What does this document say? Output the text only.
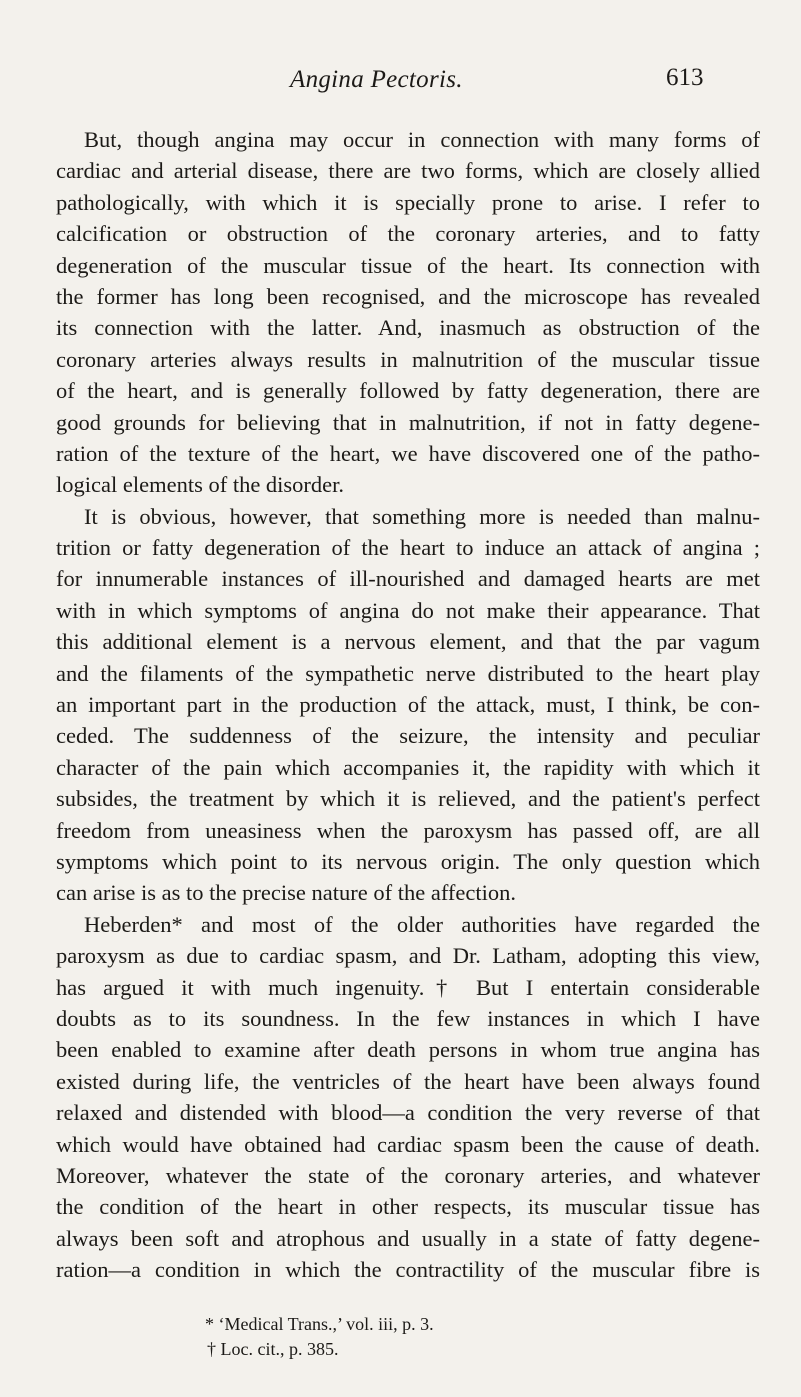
Angina Pectoris.	613
But, though angina may occur in connection with many forms of
cardiac and arterial disease, there are two forms, which are closely allied
pathologically, with which it is specially prone to arise. I refer to
calcification or obstruction of the coronary arteries, and to fatty
degeneration of the muscular tissue of the heart. Its connection with
the former has long been recognised, and the microscope has revealed
its connection with the latter. And, inasmuch as obstruction of the
coronary arteries always results in malnutrition of the muscular tissue
of the heart, and is generally followed by fatty degeneration, there are
good grounds for believing that in malnutrition, if not in fatty degene-
ration of the texture of the heart, we have discovered one of the patho-
logical elements of the disorder.
It is obvious, however, that something more is needed than malnu-
trition or fatty degeneration of the heart to induce an attack of angina ;
for innumerable instances of ill-nourished and damaged hearts are met
with in which symptoms of angina do not make their appearance. That
this additional element is a nervous element, and that the par vagum
and the filaments of the sympathetic nerve distributed to the heart play
an important part in the production of the attack, must, I think, be con-
ceded. The suddenness of the seizure, the intensity and peculiar
character of the pain which accompanies it, the rapidity with which it
subsides, the treatment by which it is relieved, and the patient's perfect
freedom from uneasiness when the paroxysm has passed off, are all
symptoms which point to its nervous origin. The only question which
can arise is as to the precise nature of the affection.
Heberden* and most of the older authorities have regarded the
paroxysm as due to cardiac spasm, and Dr. Latham, adopting this view,
has argued it with much ingenuity.† But I entertain considerable
doubts as to its soundness. In the few instances in which I have
been enabled to examine after death persons in whom true angina has
existed during life, the ventricles of the heart have been always found
relaxed and distended with blood—a condition the very reverse of that
which would have obtained had cardiac spasm been the cause of death.
Moreover, whatever the state of the coronary arteries, and whatever
the condition of the heart in other respects, its muscular tissue has
always been soft and atrophous and usually in a state of fatty degene-
ration—a condition in which the contractility of the muscular fibre is
* ‘Medical Trans.,’ vol. iii, p. 3.
† Loc. cit., p. 385.
